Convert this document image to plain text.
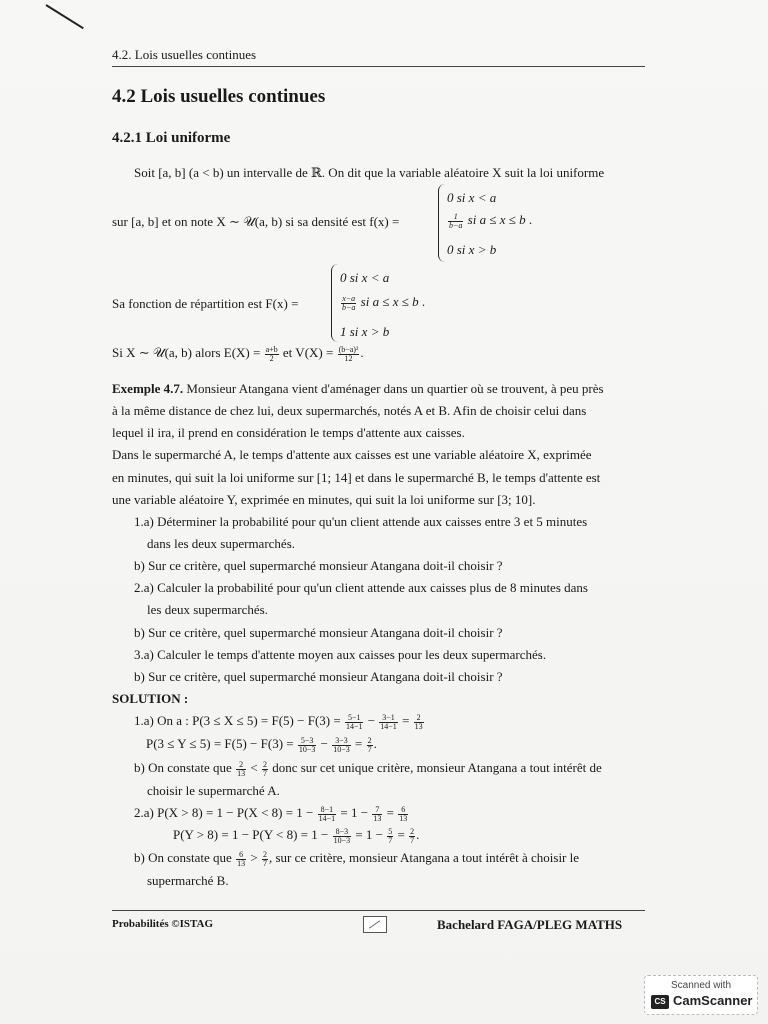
4.2. Lois usuelles continues
4.2 Lois usuelles continues
4.2.1 Loi uniforme
Soit [a, b] (a < b) un intervalle de ℝ. On dit que la variable aléatoire X suit la loi uniforme
sur [a, b] et on note X ∼ 𝒰(a, b) si sa densité est f(x) =
0 si x < a
$\frac{1}{b-a}$ si a ≤ x ≤ b .
0 si x > b
Sa fonction de répartition est F(x) =
0 si x < a
$\frac{x-a}{b-a}$ si a ≤ x ≤ b .
1 si x > b
Si X ∼ 𝒰(a, b) alors $E(X) = \frac{a+b}{2}$ et $V(X) = \frac{\text{(b−a)²}}{12}$ .
Exemple 4.7. Monsieur Atangana vient d'aménager dans un quartier où se trouvent, à peu près
à la même distance de chez lui, deux supermarchés, notés A et B. Afin de choisir celui dans
lequel il ira, il prend en considération le temps d'attente aux caisses.
Dans le supermarché A, le temps d'attente aux caisses est une variable aléatoire X, exprimée
en minutes, qui suit la loi uniforme sur [1; 14] et dans le supermarché B, le temps d'attente est
une variable aléatoire Y, exprimée en minutes, qui suit la loi uniforme sur [3; 10].
1.a) Déterminer la probabilité pour qu'un client attende aux caisses entre 3 et 5 minutes
dans les deux supermarchés.
b) Sur ce critère, quel supermarché monsieur Atangana doit-il choisir ?
2.a) Calculer la probabilité pour qu'un client attende aux caisses plus de 8 minutes dans
les deux supermarchés.
b) Sur ce critère, quel supermarché monsieur Atangana doit-il choisir ?
3.a) Calculer le temps d'attente moyen aux caisses pour les deux supermarchés.
b) Sur ce critère, quel supermarché monsieur Atangana doit-il choisir ?
SOLUTION :
1.a) On a : $P(3 \le X \le 5) = F(5) - F(3) = \frac{5-1}{14-1} - \frac{3-1}{14-1} = \frac{2}{13}$
$P(3 \le Y \le 5) = F(5) - F(3) = \frac{5-3}{10-3} - \frac{3-3}{10-3} = \frac{2}{7}$ .
b) On constate que $\frac{2}{13} < \frac{2}{7}$ donc sur cet unique critère, monsieur Atangana a tout intérêt de
choisir le supermarché A.
2.a) $P(X > 8) = 1 - P(X < 8) = 1 - \frac{8-1}{14-1} = 1 - \frac{7}{13} = \frac{6}{13}$
$P(Y > 8) = 1 - P(Y < 8) = 1 - \frac{8-3}{10-3} = 1 - \frac{5}{7} = \frac{2}{7}$ .
b) On constate que $\frac{6}{13} > \frac{2}{7}$ , sur ce critère, monsieur Atangana a tout intérêt à choisir le
supermarché B.
Probabilités ©ISTAG	Bachelard FAGA/PLEG MATHS
Scanned with
CS CamScanner
